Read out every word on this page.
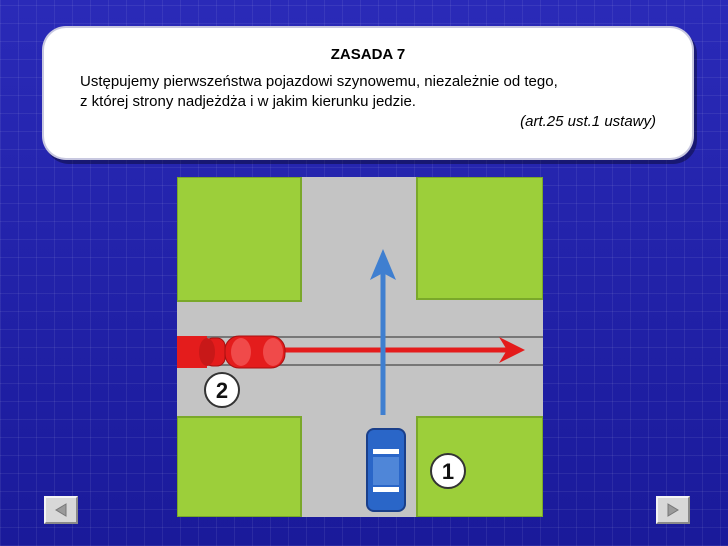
ZASADA 7

Ustępujemy pierwszeństwa pojazdowi szynowemu, niezależnie od tego,

z której strony nadjeżdża i w jakim kierunku jedzie.

(art.25 ust.1 ustawy)

2
1
